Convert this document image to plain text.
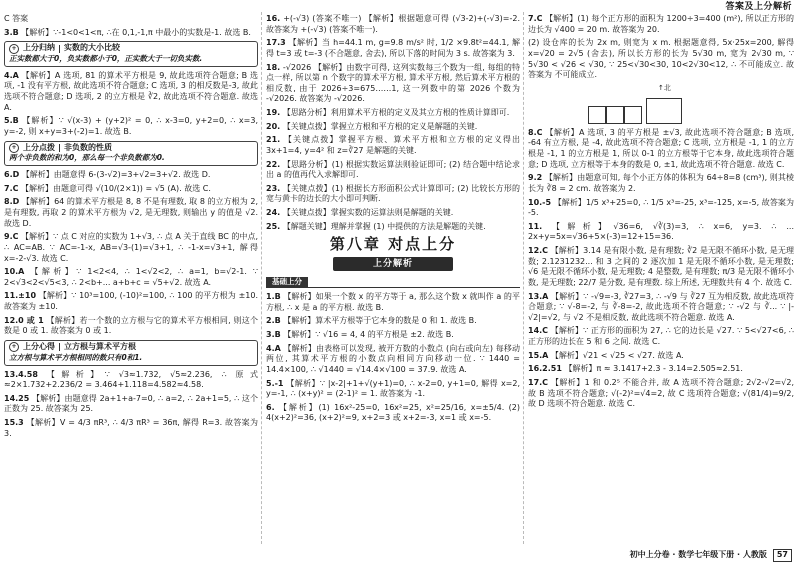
答案及上分解析
C 答案
3.B 【解析】∵-1<0<1<π, ∴在 0,1,-1,π 中最小的实数是-1. 故选 B.
+ 上分归纳 实数的大小比较
正实数都大于0，负实数都小于0，正实数大于一切负实数.
4.A 【解析】A 选项, 81 的算术平方根是 9, 故此选项符合题意; B 选项, -1 没有平方根, 故此选项不符合题意; C 选项, 3 的相反数是-3, 故此选项不符合题意; D 选项, 2 的立方根是 ∛2, 故此选项不符合题意. 故选 A.
5.B 【解析】∵ √(x-3) + (y+2)² = 0, ∴ x-3=0, y+2=0, ∴ x=3, y=-2, 则 x+y=3+(-2)=1. 故选 B.
+ 上分点拨 非负数的性质
两个非负数的和为0，那么每一个非负数都为0.
6.D 【解析】由题意得 6-(3-√2)=3+√2=3+√2. 故选 D.
7.C 【解析】由题意可得 √(10/(2×1)) = √5 (A). 故选 C.
8.D 【解析】64 的算术平方根是 8, 8 不是有理数, 取 8 的立方根为 2, 是有理数, 再取 2 的算术平方根为 √2, 是无理数, 则输出 y 的值是 √2. 故选 D.
9.C 【解析】∵ 点 C 对应的实数为 1+√3, ∴ 点 A 关于直线 BC 的中点, ∴ AC=AB. ∵ AC=-1-x, AB=√3-(1)=√3+1, ∴ -1-x=√3+1, 解得 x=-2-√3. 故选 C.
10.A 【解析】∵ 1<2<4, ∴ 1<√2<2, ∴ a=1, b=√2-1. ∵ 2<√3<2<√5<3, ∴ 2<b+... a+b+c = √5+√2. 故选 A.
11.±10 【解析】∵ 10³=100, (-10)²=100, ∴ 100 的平方根为 ±10. 故答案为 ±10.
12.0 或 1 【解析】若一个数的立方根与它的算术平方根相同, 则这个数是 0 或 1. 故答案为 0 或 1.
+ 上分心得 立方根与算术平方根
立方根与算术平方根相同的数只有0和1.
13.4.58 【解析】∵ √3≈1.732, √5≈2.236, ∴ 原式≈2×1.732+2.236/2 = 3.464+1.118=4.582≈4.58.
14.25 【解析】由题意得 2a+1+a-7=0, ∴ a=2, ∴ 2a+1=5, ∴ 这个正数为 25. 故答案为 25.
15.3 【解析】V = 4/3 πR³, ∴ 4/3 πR³ = 36π, 解得 R=3. 故答案为 3.
16. +(-√3) (答案不唯一) 【解析】根据题意可得 (√3-2)+(-√3)=-2. 故答案为 +(-√3) (答案不唯一).
17.3 【解析】当 h=44.1 m, g=9.8 m/s² 时, 1/2 ×9.8t²=44.1, 解得 t=3 或 t=-3 (不合题意, 舍去), 所以下落的时间为 3 s. 故答案为 3.
18. -√2026 【解析】由数字可得, 这列实数每三个数为一组, 每组的特点一样, 所以第 n 个数字的算术平方根, 算术平方根, 然后算术平方根的相反数, 由于 2026÷3=675……1, 这一列数中的第 2026 个数为 -√2026. 故答案为 -√2026.
19. 【思路分析】利用算术平方根的定义及其立方根的性质计算即可.
20. 【关键点拨】掌握立方根和平方根的定义是解题的关键.
21. 【关键点拨】掌握平方根、算术平方根和立方根的定义得出 3x+1=4, y=4² 和 z=∛27 是解题的关键.
22. 【思路分析】(1) 根据实数运算法则验证即可; (2) 结合题中结论求出 a 的值再代入求解即可.
23. 【关键点拨】(1) 根据长方形面积公式计算即可; (2) 比较长方形的宽与黄卡的边长的大小即可判断.
24. 【关键点拨】掌握实数的运算法则是解题的关键.
25. 【解题关键】理解并掌握 (1) 中提供的方法是解题的关键.
第八章 对点上分
上分解析
基础上分
1.B 【解析】如果一个数 x 的平方等于 a, 那么这个数 x 就叫作 a 的平方根, ∴ x 是 a 的平方根. 故选 B.
2.B 【解析】算术平方根等于它本身的数是 0 和 1. 故选 B.
3.B 【解析】∵ √16 = 4, 4 的平方根是 ±2. 故选 B.
4.A 【解析】由表格可以发现, 被开方数的小数点 (向右或向左) 每移动两位, 其算术平方根的小数点向相同方向移动一位. ∵ 1440 = 14.4×100, ∴ √1440 = √14.4×√100 = 37.9. 故选 A.
5.-1 【解析】∵ |x-2|+1+√(y+1)=0, ∴ x-2=0, y+1=0, 解得 x=2, y=-1, ∴ (x+y)² = (2-1)² = 1. 故答案为 -1.
6. 【解析】(1) 16x²-25=0, 16x²=25, x²=25/16, x=±5/4. (2) 4(x+2)²=36, (x+2)²=9, x+2=3 或 x+2=-3, x=1 或 x=-5.
7.C 【解析】(1) 每个正方形的面积为 1200÷3=400 (m²), 所以正方形的边长为 √400 = 20 m. 故答案为 20.
(2) 设仓库的长为 2x m, 则宽为 x m. 根据题意得, 5x·25x=200, 解得 x=√20 = 2√5 (舍去), 所以长方形的长为 5√30 m, 宽为 2√30 m, ∵ 5√30 < √26 < √30, ∵ 25<√30<30, 10<2√30<12, ∴ 不可能成立. 故答案为 不可能成立.
↑北
8.C 【解析】A 选项, 3 的平方根是 ±√3, 故此选项不符合题意; B 选项, -64 有立方根, 是 -4, 故此选项不符合题意; C 选项, 立方根是 -1, 1 的立方根是 -1, 1 的立方根是 1, 所以 0-1 的立方根等于它本身, 故此选项符合题意; D 选项, 立方根等于本身的数是 0, ±1, 故此选项不符合题意. 故选 C.
9.2 【解析】由题意可知, 每个小正方体的体积为 64÷8=8 (cm³), 则其棱长为 ∛8 = 2 cm. 故答案为 2.
10.-5 【解析】1/5 x³+25=0, ∴ 1/5 x³=-25, x³=-125, x=-5, 故答案为 -5.
11. 【解析】√36=6, √∛(3)=3, ∴ x=6, y=3. ∴ ... 2x+y=5x=√36+5×(-3)=12+15=36.
12.C 【解析】3.14 是有限小数, 是有理数; ∛2 是无限不循环小数, 是无理数; 2.1231232... 和 3 之间的 2 逐次加 1 是无限不循环小数, 是无理数; √6 是无限不循环小数, 是无理数; 4 是整数, 是有理数; π/3 是无限不循环小数, 是无理数; 22/7 是分数, 是有理数. 综上所述, 无理数共有 4 个. 故选 C.
13.A 【解析】∵ -√9=-3, ∛27=3, ∴ -√9 与 ∛27 互为相反数, 故此选项符合题意; ∵ √-8=-2, 与 ∛-8=-2, 故此选项不符合题意; ∵ -√2 与 ∛... ∵ |-√2|=√2, 与 √2 不是相反数, 故此选项不符合题意. 故选 A.
14.C 【解析】∵ 正方形的面积为 27, ∴ 它的边长是 √27. ∵ 5<√27<6, ∴ 正方形的边长在 5 和 6 之间. 故选 C.
15.A 【解析】√21 < √25 < √27. 故选 A.
16.2.51 【解析】π ≈ 3.1417+2.3 - 3.14=2.505≈2.51.
17.C 【解析】1 和 0.2⁵ 不能合并, 故 A 选项不符合题意; 2√2-√2=√2, 故 B 选项不符合题意; √(-2)²=√4=2, 故 C 选项符合题意; √(81/4)=9/2, 故 D 选项不符合题意. 故选 C.
初中上分卷 · 数学七年级下册 · 人教版	57
